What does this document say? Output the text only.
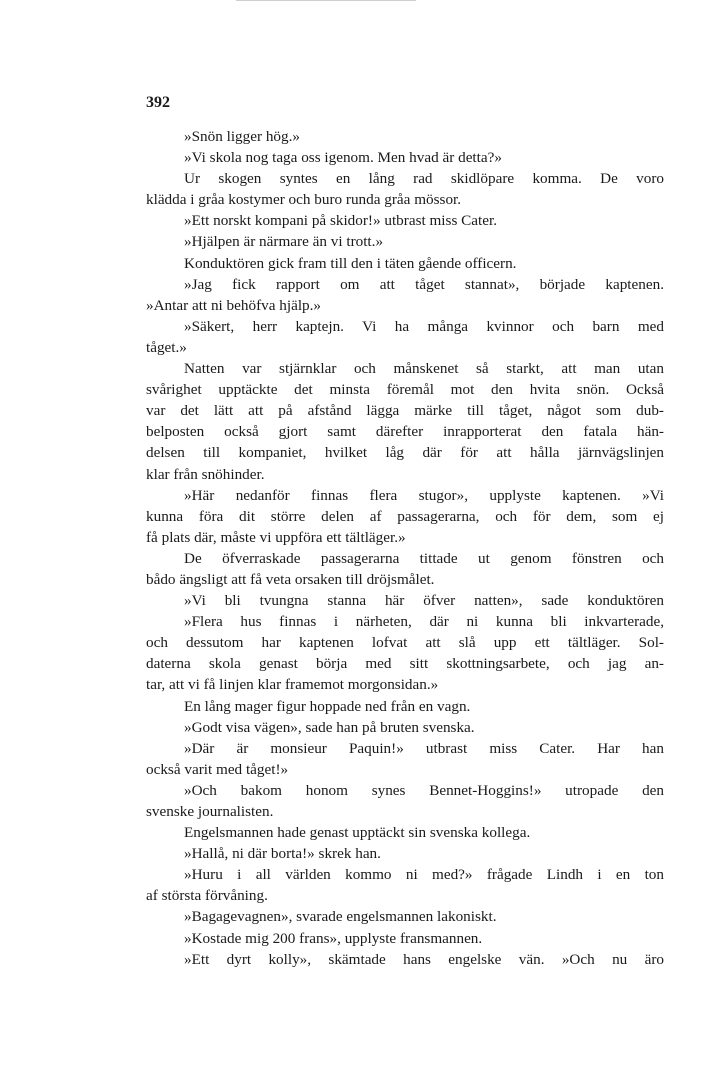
392
»Snön ligger hög.»
»Vi skola nog taga oss igenom. Men hvad är detta?»
Ur skogen syntes en lång rad skidlöpare komma. De voro
klädda i gråa kostymer och buro runda gråa mössor.
»Ett norskt kompani på skidor!» utbrast miss Cater.
»Hjälpen är närmare än vi trott.»
Konduktören gick fram till den i täten gående officern.
»Jag fick rapport om att tåget stannat», började kaptenen.
»Antar att ni behöfva hjälp.»
»Säkert, herr kaptejn. Vi ha många kvinnor och barn med
tåget.»
Natten var stjärnklar och månskenet så starkt, att man utan
svårighet upptäckte det minsta föremål mot den hvita snön. Också
var det lätt att på afstånd lägga märke till tåget, något som dub-
belposten också gjort samt därefter inrapporterat den fatala hän-
delsen till kompaniet, hvilket låg där för att hålla järnvägslinjen
klar från snöhinder.
»Här nedanför finnas flera stugor», upplyste kaptenen. »Vi
kunna föra dit större delen af passagerarna, och för dem, som ej
få plats där, måste vi uppföra ett tältläger.»
De öfverraskade passagerarna tittade ut genom fönstren och
bådo ängsligt att få veta orsaken till dröjsmålet.
»Vi bli tvungna stanna här öfver natten», sade konduktören
»Flera hus finnas i närheten, där ni kunna bli inkvarterade,
och dessutom har kaptenen lofvat att slå upp ett tältläger. Sol-
daterna skola genast börja med sitt skottningsarbete, och jag an-
tar, att vi få linjen klar framemot morgonsidan.»
En lång mager figur hoppade ned från en vagn.
»Godt visa vägen», sade han på bruten svenska.
»Där är monsieur Paquin!» utbrast miss Cater. Har han
också varit med tåget!»
»Och bakom honom synes Bennet-Hoggins!» utropade den
svenske journalisten.
Engelsmannen hade genast upptäckt sin svenska kollega.
»Hallå, ni där borta!» skrek han.
»Huru i all världen kommo ni med?» frågade Lindh i en ton
af största förvåning.
»Bagagevagnen», svarade engelsmannen lakoniskt.
»Kostade mig 200 frans», upplyste fransmannen.
»Ett dyrt kolly», skämtade hans engelske vän. »Och nu äro
